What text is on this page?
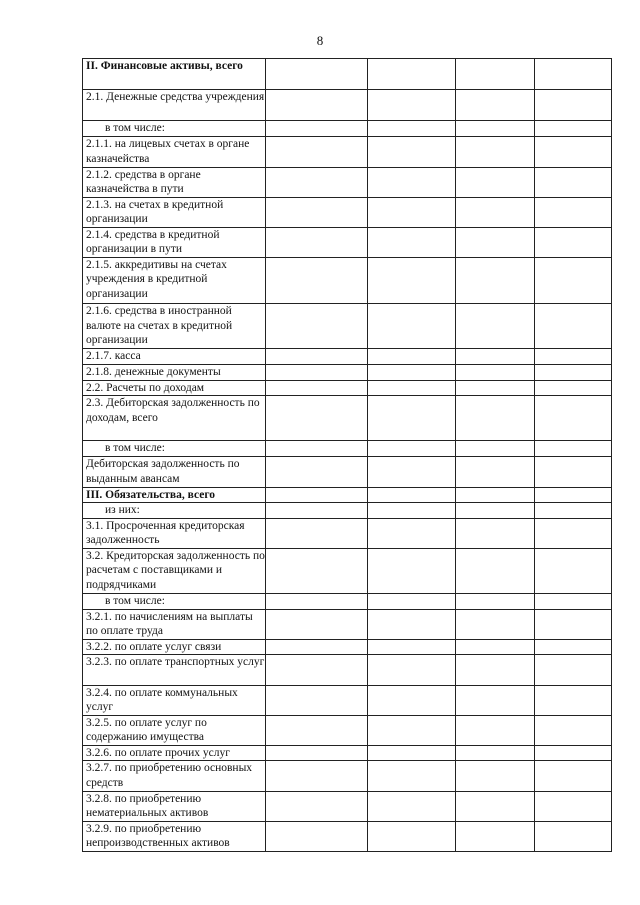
8
II. Финансовые активы, всего				
2.1. Денежные средства учреждения				
в том числе:				
2.1.1. на лицевых счетах в органе казначейства				
2.1.2. средства в органе казначейства в пути				
2.1.3. на счетах в кредитной организации				
2.1.4. средства в кредитной организации в пути				
2.1.5. аккредитивы на счетах учреждения в кредитной организации				
2.1.6. средства в иностранной валюте на счетах в кредитной организации				
2.1.7. касса				
2.1.8. денежные документы				
2.2. Расчеты по доходам				
2.3. Дебиторская задолженность по доходам, всего				
в том числе:				
Дебиторская задолженность по выданным авансам				
III. Обязательства, всего				
из них:				
3.1. Просроченная кредиторская задолженность				
3.2. Кредиторская задолженность по расчетам с поставщиками и подрядчиками				
в том числе:				
3.2.1. по начислениям на выплаты по оплате труда				
3.2.2. по оплате услуг связи				
3.2.3. по оплате транспортных услуг				
3.2.4. по оплате коммунальных услуг				
3.2.5. по оплате услуг по содержанию имущества				
3.2.6. по оплате прочих услуг				
3.2.7. по приобретению основных средств				
3.2.8. по приобретению нематериальных активов				
3.2.9. по приобретению непроизводственных активов				
